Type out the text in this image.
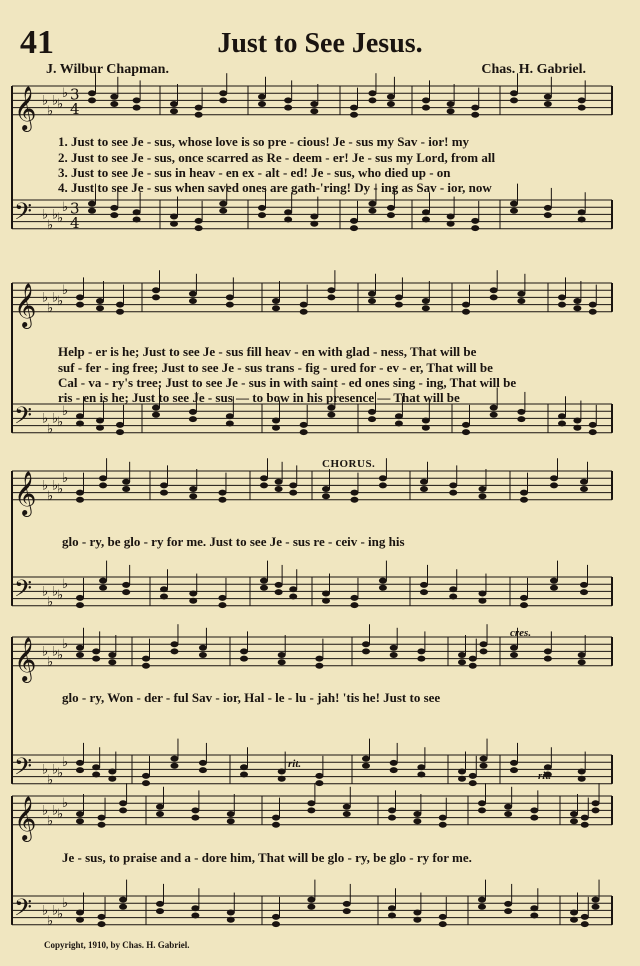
41	Just to See Jesus.
J. Wilbur Chapman.	Chas. H. Gabriel.
𝄞 ♭
♭
♭
♭
♭ 3
4
𝄢 ♭
♭
♭
♭
♭ 3
4
𝄞 ♭
♭
♭
♭
♭
𝄢 ♭
♭
♭
♭
♭
𝄞 ♭
♭
♭
♭
♭
𝄢 ♭
♭
♭
♭
♭
𝄞 ♭
♭
♭
♭
♭
𝄢 ♭
♭
♭
♭
♭
𝄞 ♭
♭
♭
♭
♭
𝄢 ♭
♭
♭
♭
♭
1. Just to see Je - sus, whose love is so pre - cious! Je - sus my Sav - ior! my
2. Just to see Je - sus, once scarred as Re - deem - er! Je - sus my Lord, from all
3. Just to see Je - sus in heav - en ex - alt - ed! Je - sus, who died up - on
4. Just to see Je - sus when saved ones are gath-'ring! Dy - ing as Sav - ior, now
Help - er is he; Just to see Je - sus fill heav - en with glad - ness, That will be
suf - fer - ing free; Just to see Je - sus trans - fig - ured for - ev - er, That will be
Cal - va - ry's tree; Just to see Je - sus in with saint - ed ones sing - ing, That will be
ris - en is he; Just to see Je - sus — to bow in his presence — That will be
glo - ry, be glo - ry for me. Just to see Je - sus re - ceiv - ing his
glo - ry, Won - der - ful Sav - ior, Hal - le - lu - jah! 'tis he! Just to see
Je - sus, to praise and a - dore him, That will be glo - ry, be glo - ry for me.
CHORUS.
cres.
rit.
rit.
Copyright, 1910, by Chas. H. Gabriel.
